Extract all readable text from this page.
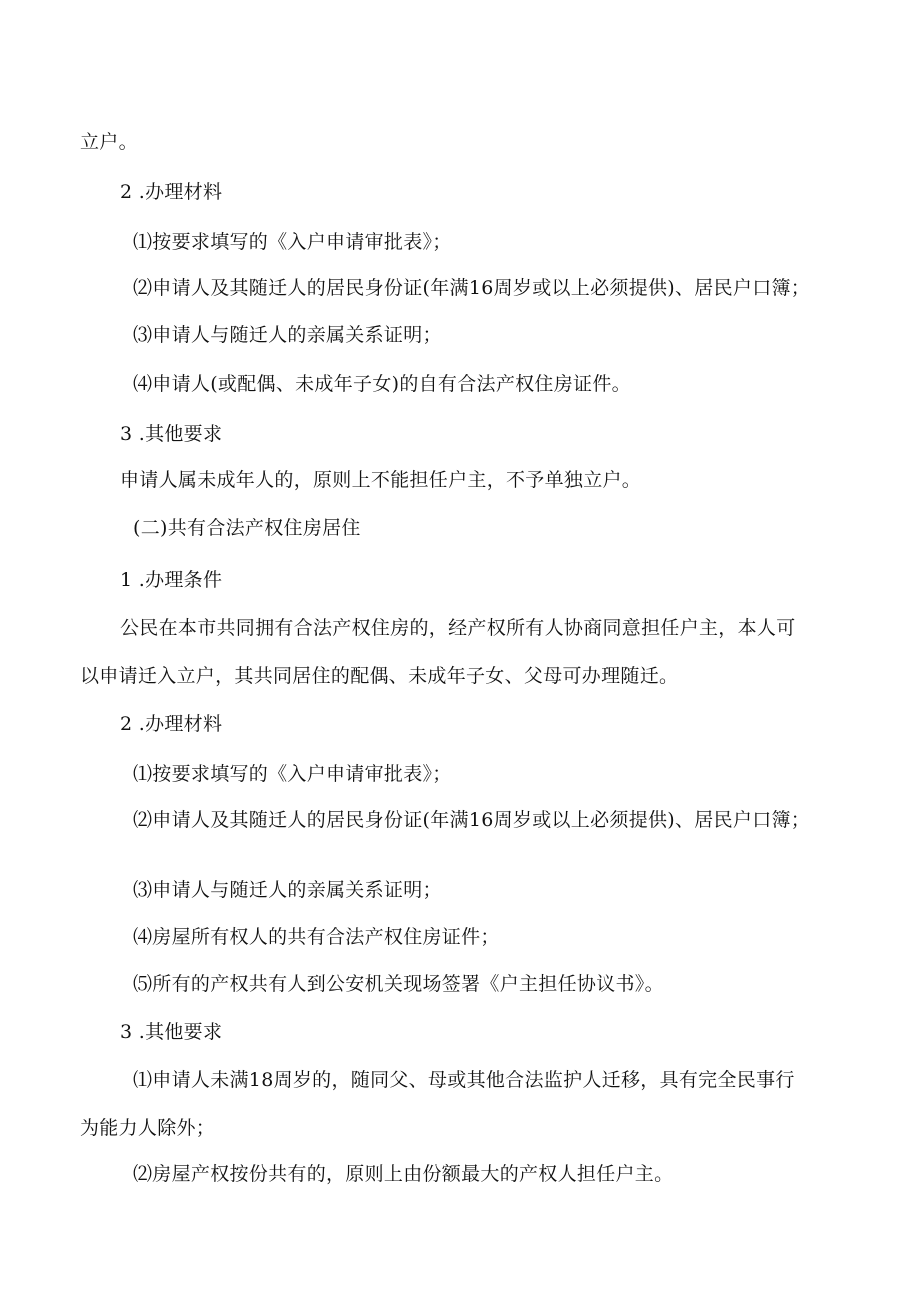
立户。
2 .办理材料
⑴按要求填写的《入户申请审批表》；
⑵申请人及其随迁人的居民身份证(年满16周岁或以上必须提供)、居民户口簿；
⑶申请人与随迁人的亲属关系证明；
⑷申请人(或配偶、未成年子女)的自有合法产权住房证件。
3 .其他要求
申请人属未成年人的，原则上不能担任户主，不予单独立户。
(二)共有合法产权住房居住
1 .办理条件
公民在本市共同拥有合法产权住房的，经产权所有人协商同意担任户主，本人可
以申请迁入立户，其共同居住的配偶、未成年子女、父母可办理随迁。
2 .办理材料
⑴按要求填写的《入户申请审批表》；
⑵申请人及其随迁人的居民身份证(年满16周岁或以上必须提供)、居民户口簿；
⑶申请人与随迁人的亲属关系证明；
⑷房屋所有权人的共有合法产权住房证件；
⑸所有的产权共有人到公安机关现场签署《户主担任协议书》。
3 .其他要求
⑴申请人未满18周岁的，随同父、母或其他合法监护人迁移，具有完全民事行
为能力人除外；
⑵房屋产权按份共有的，原则上由份额最大的产权人担任户主。
